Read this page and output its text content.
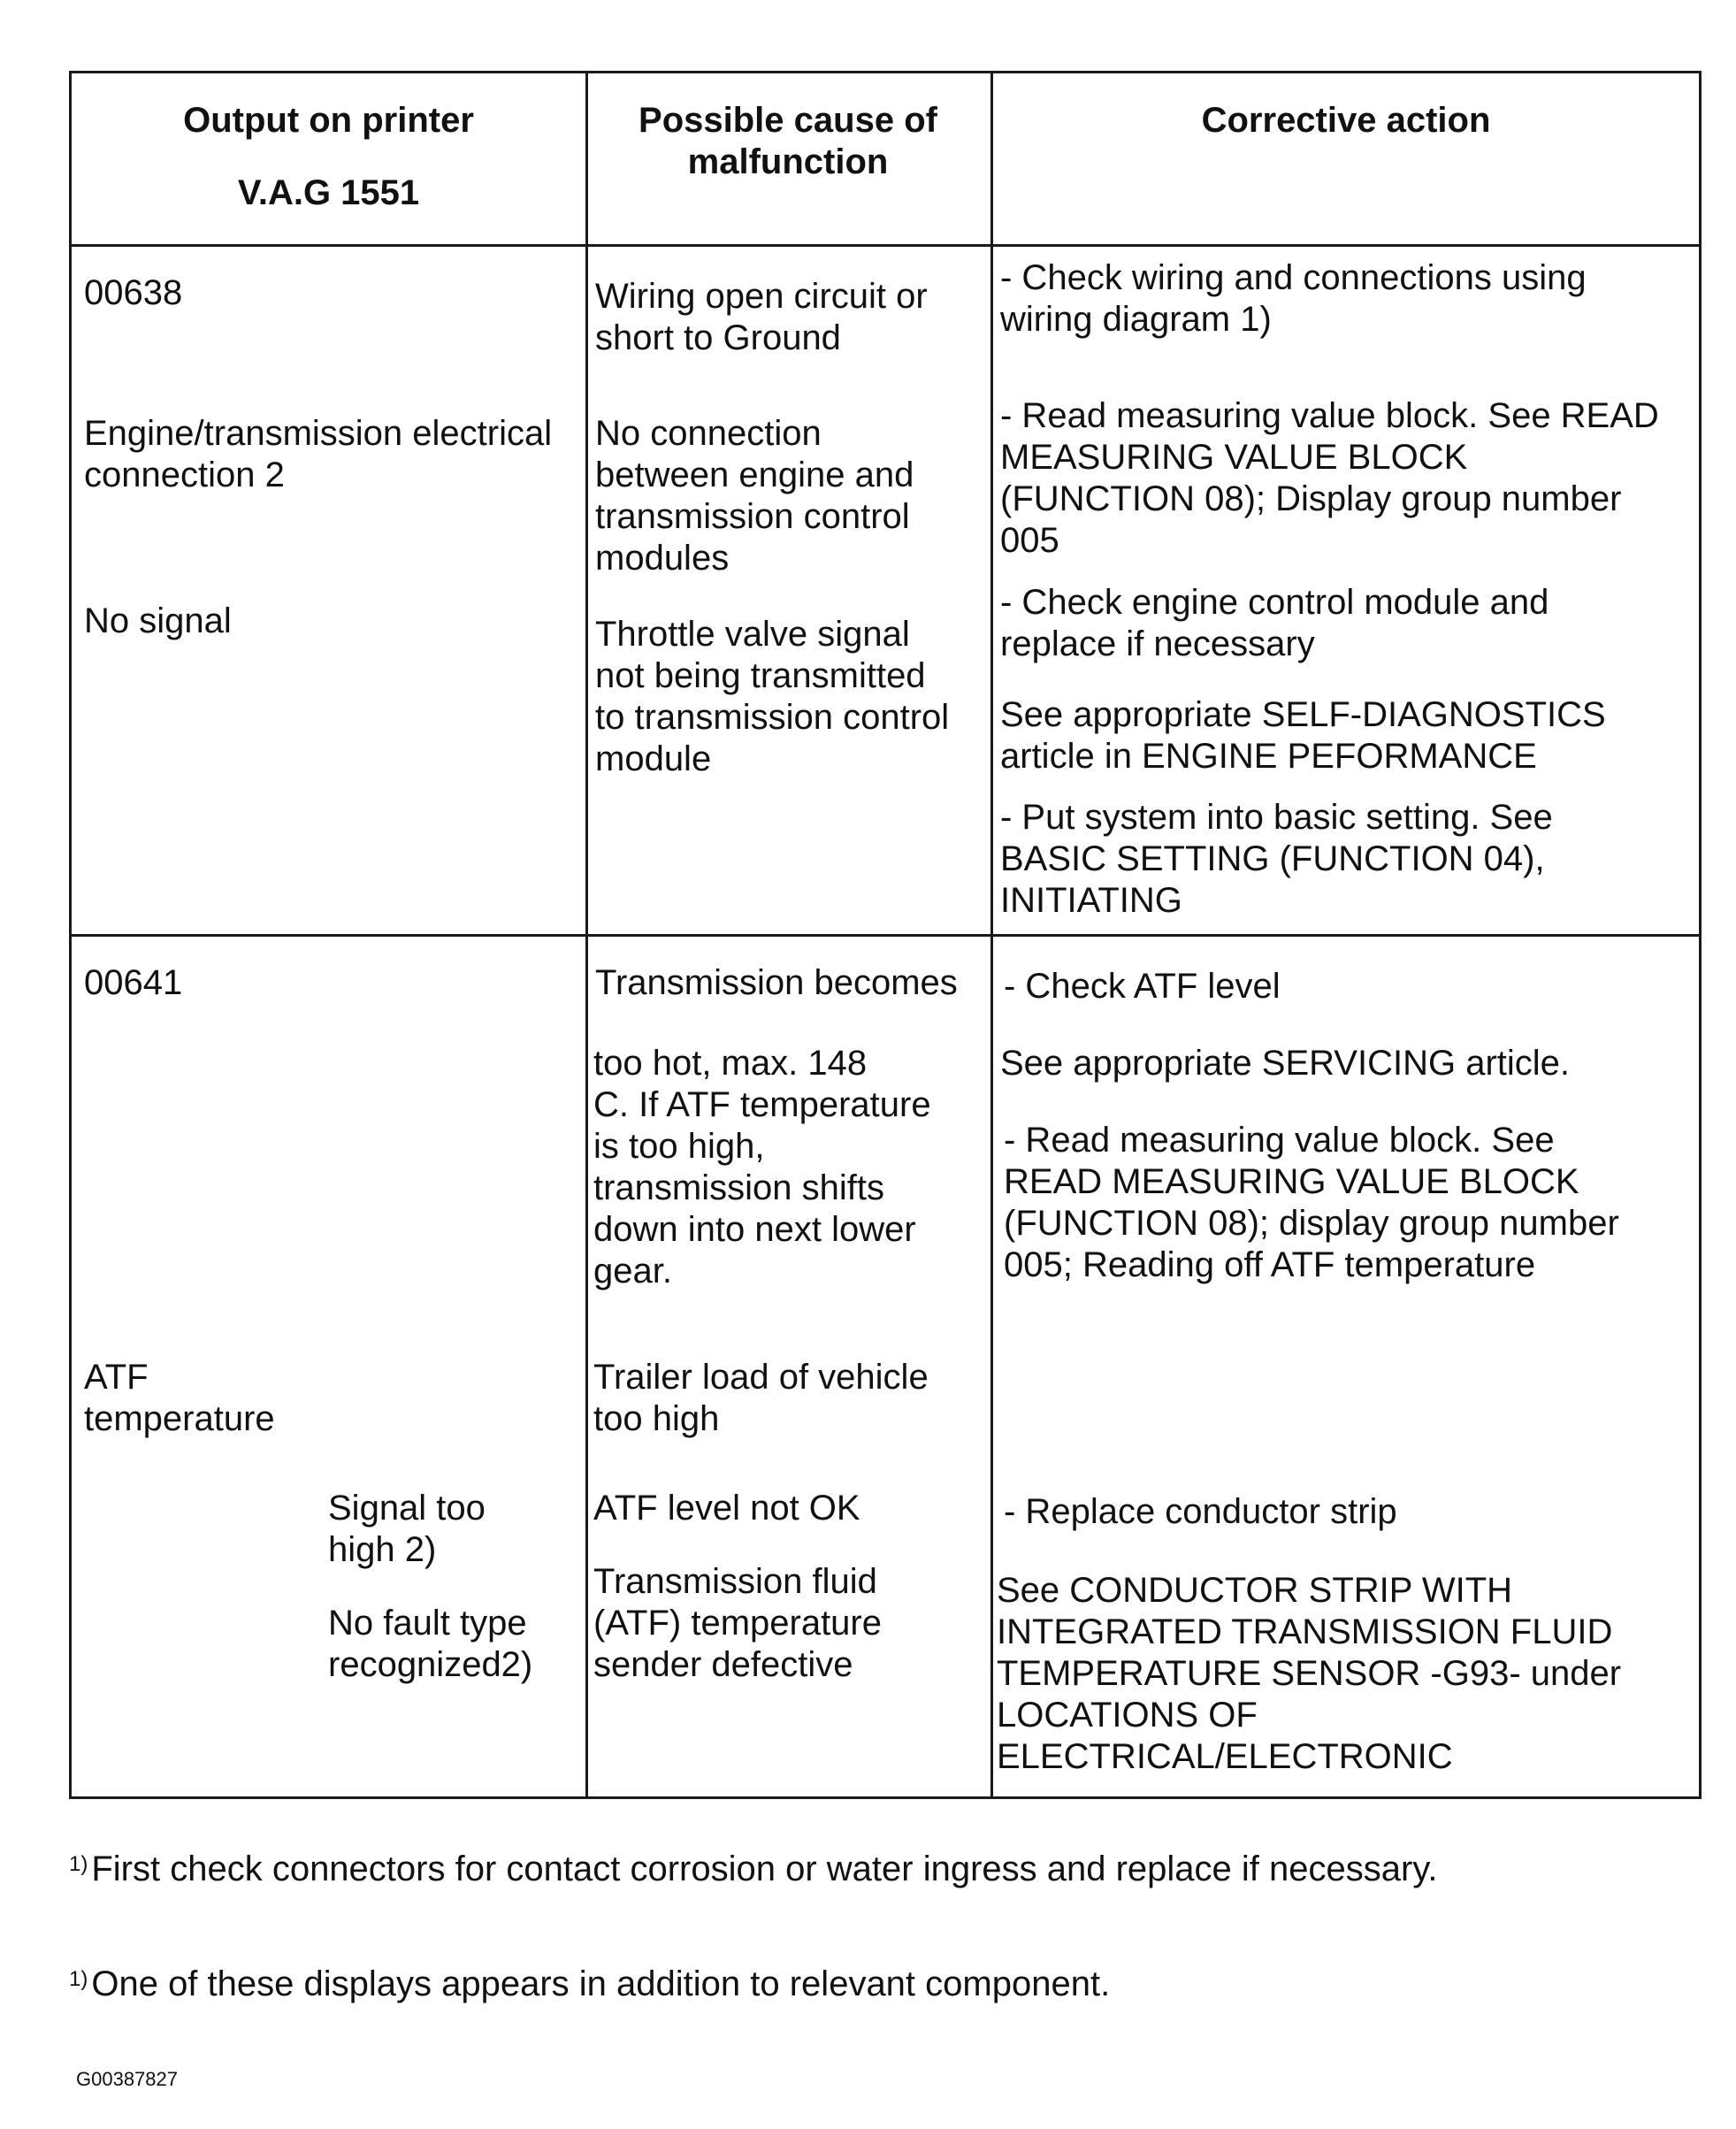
Output on printer
V.A.G 1551
Possible cause of
malfunction
Corrective action
00638
Engine/transmission electrical
connection 2
No signal
Wiring open circuit or
short to Ground
No connection
between engine and
transmission control
modules
Throttle valve signal
not being transmitted
to transmission control
module
- Check wiring and connections using
wiring diagram 1)
- Read measuring value block. See READ
MEASURING VALUE BLOCK
(FUNCTION 08); Display group number
005
- Check engine control module and
replace if necessary
See appropriate SELF-DIAGNOSTICS
article in ENGINE PEFORMANCE
- Put system into basic setting. See
BASIC SETTING (FUNCTION 04),
INITIATING
00641
ATF
temperature
Signal too
high 2)
No fault type
recognized2)
Transmission becomes
too hot, max. 148
C. If ATF temperature
is too high,
transmission shifts
down into next lower
gear.
Trailer load of vehicle
too high
ATF level not OK
Transmission fluid
(ATF) temperature
sender defective
- Check ATF level
See appropriate SERVICING article.
- Read measuring value block. See
READ MEASURING VALUE BLOCK
(FUNCTION 08); display group number
005; Reading off ATF temperature
- Replace conductor strip
See CONDUCTOR STRIP WITH
INTEGRATED TRANSMISSION FLUID
TEMPERATURE SENSOR -G93- under
LOCATIONS OF
ELECTRICAL/ELECTRONIC
$^{1)}$ First check connectors for contact corrosion or water ingress and replace if necessary.
$^{1)}$ One of these displays appears in addition to relevant component.
G00387827
